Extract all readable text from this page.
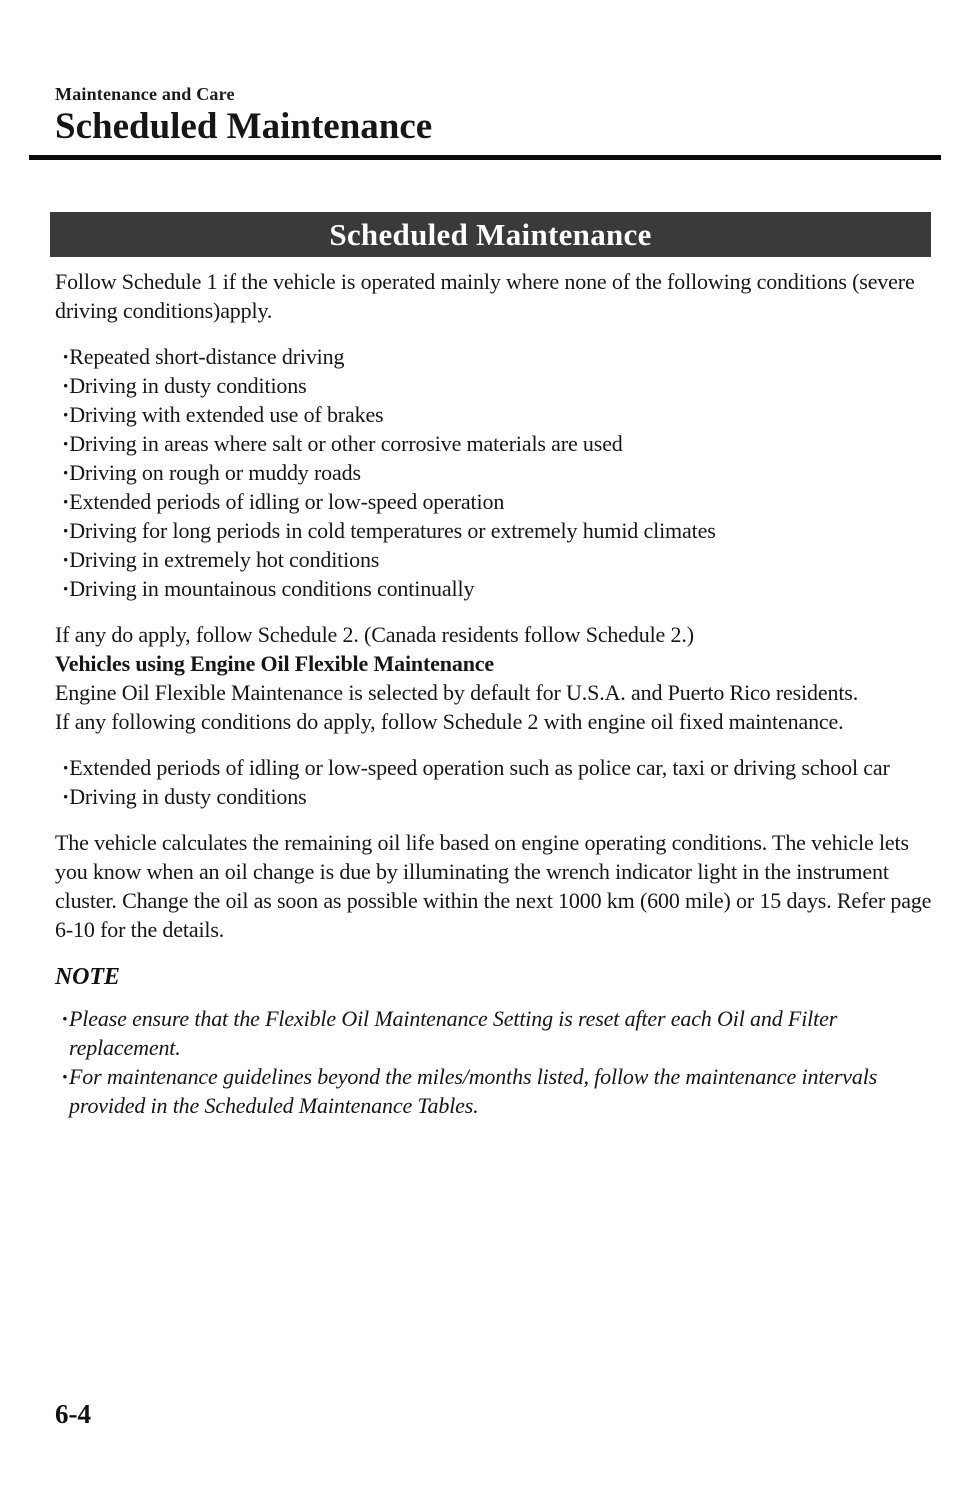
Maintenance and Care
Scheduled Maintenance
Scheduled Maintenance

Follow Schedule 1 if the vehicle is operated mainly where none of the following conditions (severe driving conditions)apply.

· Repeated short-distance driving
· Driving in dusty conditions
· Driving with extended use of brakes
· Driving in areas where salt or other corrosive materials are used
· Driving on rough or muddy roads
· Extended periods of idling or low-speed operation
· Driving for long periods in cold temperatures or extremely humid climates
· Driving in extremely hot conditions
· Driving in mountainous conditions continually

If any do apply, follow Schedule 2. (Canada residents follow Schedule 2.)

Vehicles using Engine Oil Flexible Maintenance

Engine Oil Flexible Maintenance is selected by default for U.S.A. and Puerto Rico residents.

If any following conditions do apply, follow Schedule 2 with engine oil fixed maintenance.

· Extended periods of idling or low-speed operation such as police car, taxi or driving school car
· Driving in dusty conditions

The vehicle calculates the remaining oil life based on engine operating conditions. The vehicle lets you know when an oil change is due by illuminating the wrench indicator light in the instrument cluster. Change the oil as soon as possible within the next 1000 km (600 mile) or 15 days. Refer page 6-10 for the details.

NOTE
· Please ensure that the Flexible Oil Maintenance Setting is reset after each Oil and Filter replacement.
· For maintenance guidelines beyond the miles/months listed, follow the maintenance intervals provided in the Scheduled Maintenance Tables.
6-4
